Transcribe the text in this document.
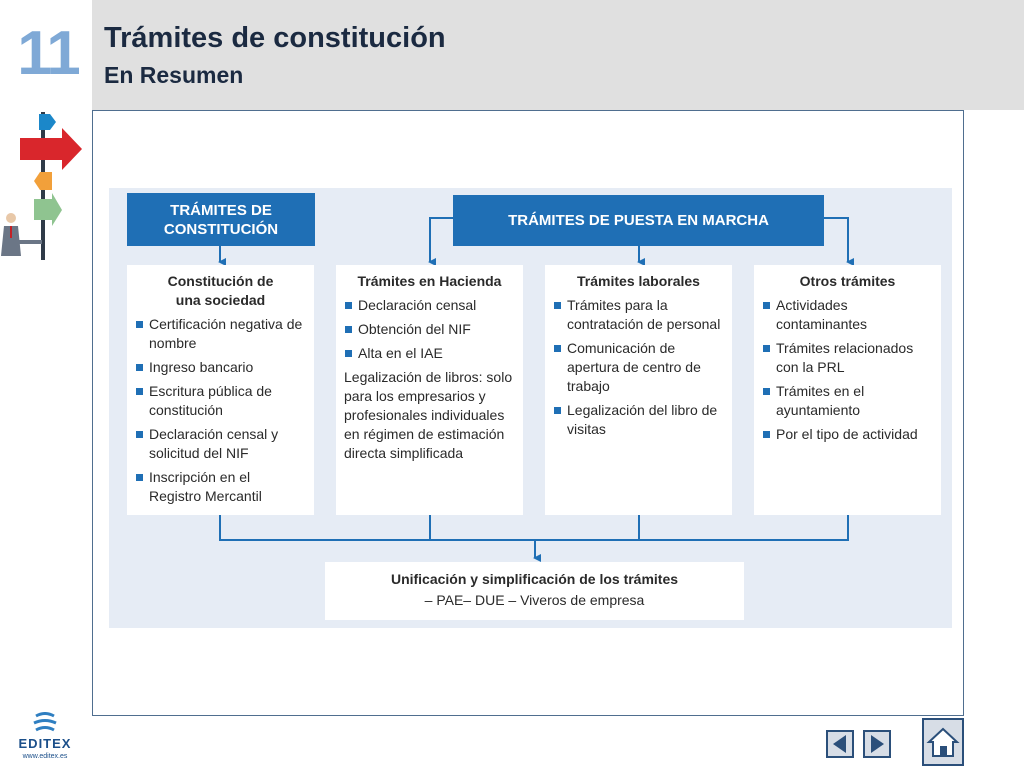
11 Trámites de constitución
En Resumen
TRÁMITES DE CONSTITUCIÓN	TRÁMITES DE PUESTA EN MARCHA
Constitución de una sociedad
Certificación negativa de nombre
Ingreso bancario
Escritura pública de constitución
Declaración censal y solicitud del NIF
Inscripción en el Registro Mercantil
Trámites en Hacienda
Declaración censal
Obtención del NIF
Alta en el IAE
Legalización de libros: solo para los empresarios y profesionales individuales en régimen de estimación directa simplificada
Trámites laborales
Trámites para la contratación de personal
Comunicación de apertura de centro de trabajo
Legalización del libro de visitas
Otros trámites
Actividades contaminantes
Trámites relacionados con la PRL
Trámites en el ayuntamiento
Por el tipo de actividad
Unificación y simplificación de los trámites
– PAE– DUE – Viveros de empresa
EDITEX
www.editex.es
